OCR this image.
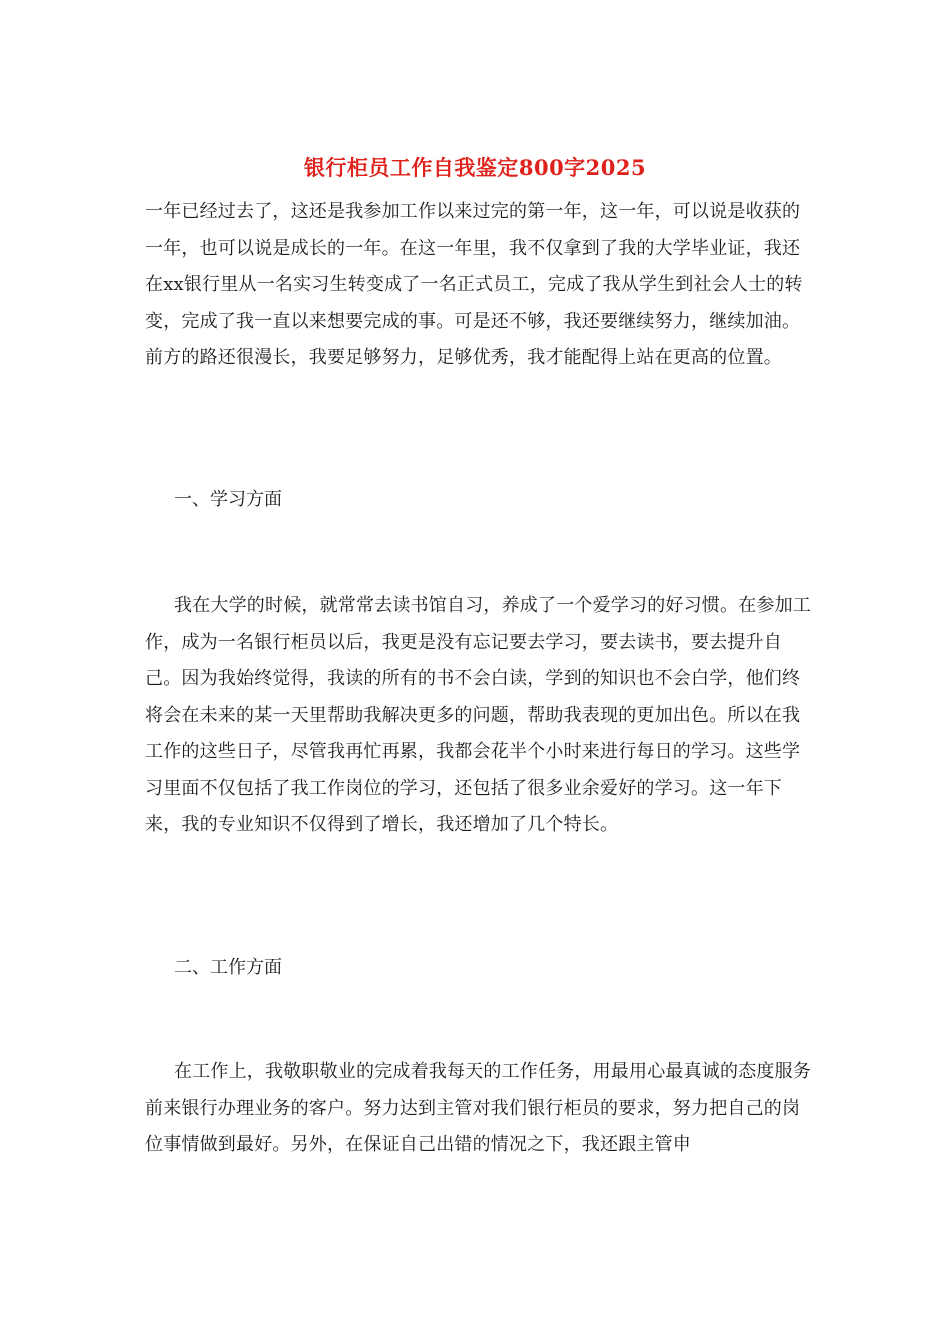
银行柜员工作自我鉴定800字2025

一年已经过去了，这还是我参加工作以来过完的第一年，这一年，可以说是收获的一年，也可以说是成长的一年。在这一年里，我不仅拿到了我的大学毕业证，我还在xx银行里从一名实习生转变成了一名正式员工，完成了我从学生到社会人士的转变，完成了我一直以来想要完成的事。可是还不够，我还要继续努力，继续加油。前方的路还很漫长，我要足够努力，足够优秀，我才能配得上站在更高的位置。

一、学习方面

我在大学的时候，就常常去读书馆自习，养成了一个爱学习的好习惯。在参加工作，成为一名银行柜员以后，我更是没有忘记要去学习，要去读书，要去提升自己。因为我始终觉得，我读的所有的书不会白读，学到的知识也不会白学，他们终将会在未来的某一天里帮助我解决更多的问题，帮助我表现的更加出色。所以在我工作的这些日子，尽管我再忙再累，我都会花半个小时来进行每日的学习。这些学习里面不仅包括了我工作岗位的学习，还包括了很多业余爱好的学习。这一年下来，我的专业知识不仅得到了增长，我还增加了几个特长。

二、工作方面

在工作上，我敬职敬业的完成着我每天的工作任务，用最用心最真诚的态度服务前来银行办理业务的客户。努力达到主管对我们银行柜员的要求，努力把自己的岗位事情做到最好。另外，在保证自己出错的情况之下，我还跟主管申
